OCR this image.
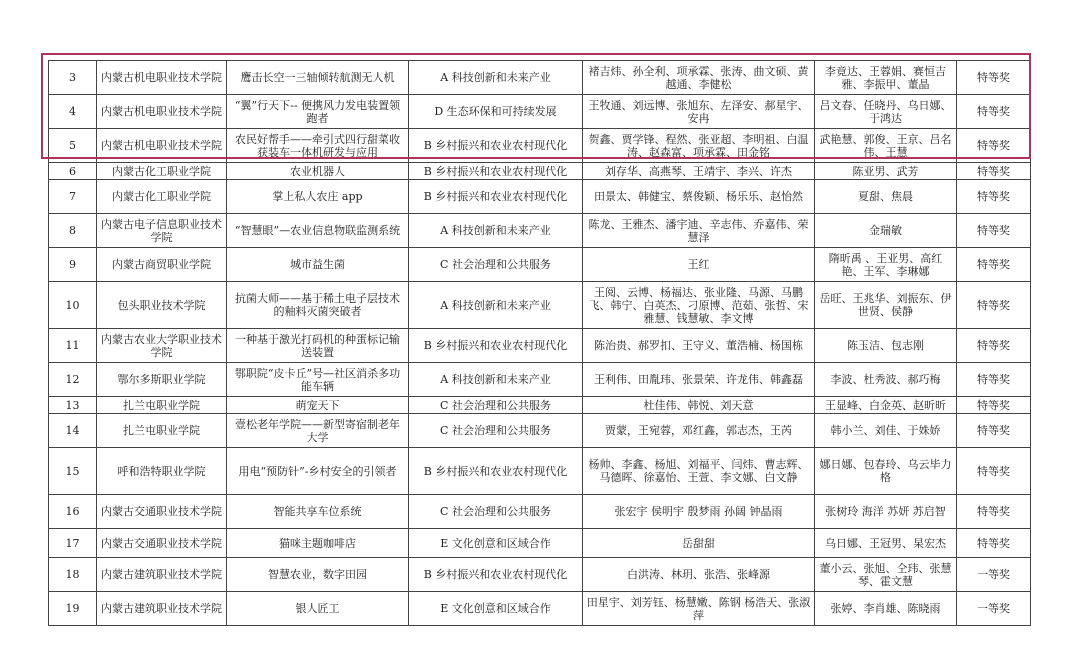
3	内蒙古机电职业技术学院	鹰击长空一三轴倾转航测无人机	A 科技创新和未来产业	褚吉炜、孙全利、项承霖、张涛、曲文硕、黄越通、李健松	李竟达、王蓉娟、赛恒吉雅、李振甲、董晶	特等奖
4	内蒙古机电职业技术学院	“翼”行天下-- 便携风力发电装置领跑者	D 生态环保和可持续发展	王牧通、刘远博、张旭东、左泽安、郝星宇、安冉	吕文春、任晓丹、乌日娜、于鸿达	特等奖
5	内蒙古机电职业技术学院	农民好帮手——牵引式四行甜菜收获装车一体机研发与应用	B 乡村振兴和农业农村现代化	贺鑫、贾学锋、程然、张亚超、李明祖、白温涛、赵森富、项承霖、田金铭	武艳慧、郭俊、王京、吕名伟、王慧	特等奖
6	内蒙古化工职业学院	农业机器人	B 乡村振兴和农业农村现代化	刘存华、高燕琴、王靖宇、李兴、许杰	陈亚男、武芳	特等奖
7	内蒙古化工职业学院	掌上私人农庄 app	B 乡村振兴和农业农村现代化	田景太、韩健宝、蔡俊颖、杨乐乐、赵怡然	夏甜、焦晨	特等奖
8	内蒙古电子信息职业技术学院	“智慧眼”—农业信息物联监测系统	A 科技创新和未来产业	陈龙、王雅杰、潘宇迪、辛志伟、乔嘉伟、荣慧泽	金瑞敏	特等奖
9	内蒙古商贸职业学院	城市益生菌	C 社会治理和公共服务	王红	隋昕禹 、王亚男、高红艳、王军、李琳娜	特等奖
10	包头职业技术学院	抗菌大师——基于稀土电子层技术的釉料灭菌突破者	A 科技创新和未来产业	王阅、云博、杨福达、张业隆、马源、马鹏飞、韩宁、白英杰、刁原博、范茹、张哲、宋雅慧、钱慧敏、李文博	岳旺、王兆华、刘振东、伊世贤、侯静	特等奖
11	内蒙古农业大学职业技术学院	一种基于激光打码机的种蛋标记输送装置	B 乡村振兴和农业农村现代化	陈治贵、郝罗扣、王守义、董浩楠、杨国栋	陈玉洁、包志刚	特等奖
12	鄂尔多斯职业学院	鄂职院“皮卡丘”号—社区消杀多功能车辆	A 科技创新和未来产业	王利伟、田胤玮、张景荣、许龙伟、韩鑫磊	李波、杜秀波、郝巧梅	特等奖
13	扎兰屯职业学院	萌宠天下	C 社会治理和公共服务	杜佳伟、韩悦、刘天意	王显峰、白金英、赵昕昕	特等奖
14	扎兰屯职业学院	壹松老年学院——新型寄宿制老年大学	C 社会治理和公共服务	贾蒙，王宛蓉，邓红鑫，郭志杰，王芮	韩小兰、刘佳、于姝娇	特等奖
15	呼和浩特职业学院	用电“预防针”-乡村安全的引领者	B 乡村振兴和农业农村现代化	杨帅、李鑫、杨旭、刘福平、闫炜、曹志辉、马德晖、徐嘉怡、王萱、李文娜、白文静	娜日娜、包春玲、乌云毕力格	特等奖
16	内蒙古交通职业技术学院	智能共享车位系统	C 社会治理和公共服务	张宏宇 侯明宇 殷梦雨 孙阔 钟晶雨	张树玲 海洋 苏妍 苏启智	特等奖
17	内蒙古交通职业技术学院	猫咪主题咖啡店	E 文化创意和区域合作	岳甜甜	乌日娜、王冠男、杲宏杰	特等奖
18	内蒙古建筑职业技术学院	智慧农业，数字田园	B 乡村振兴和农业农村现代化	白洪涛、林玥、张浩、张峰源	董小云、张旭、仝玮、张慧琴、霍文慧	一等奖
19	内蒙古建筑职业技术学院	银人匠工	E 文化创意和区域合作	田星宇、刘芳钰、杨慧嫩、陈钢 杨浩天、张淑萍	张婷、李肖雄、陈晓雨	一等奖
